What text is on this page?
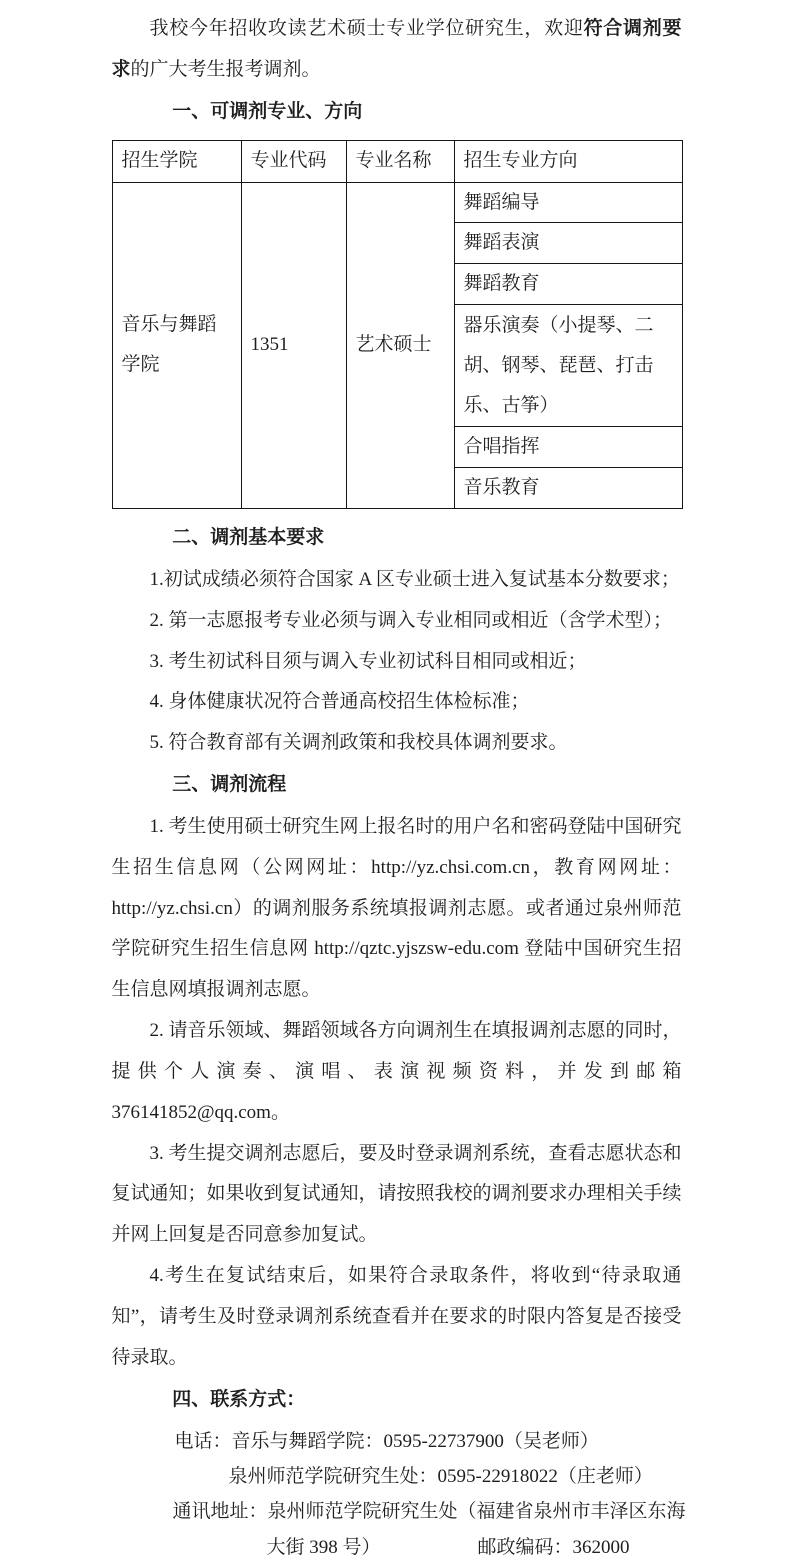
我校今年招收攻读艺术硕士专业学位研究生，欢迎符合调剂要求的广大考生报考调剂。

一、可调剂专业、方向

招生学院	专业代码	专业名称	招生专业方向
音乐与舞蹈学院	1351	艺术硕士	舞蹈编导
			舞蹈表演
			舞蹈教育
			器乐演奏（小提琴、二胡、钢琴、琵琶、打击乐、古筝）
			合唱指挥
			音乐教育

二、调剂基本要求

1.初试成绩必须符合国家 A 区专业硕士进入复试基本分数要求；

2. 第一志愿报考专业必须与调入专业相同或相近（含学术型）；

3. 考生初试科目须与调入专业初试科目相同或相近；

4. 身体健康状况符合普通高校招生体检标准；

5. 符合教育部有关调剂政策和我校具体调剂要求。

三、调剂流程

1. 考生使用硕士研究生网上报名时的用户名和密码登陆中国研究生招生信息网（公网网址：http://yz.chsi.com.cn，教育网网址：http://yz.chsi.cn）的调剂服务系统填报调剂志愿。或者通过泉州师范学院研究生招生信息网 http://qztc.yjszsw-edu.com 登陆中国研究生招生信息网填报调剂志愿。

2. 请音乐领域、舞蹈领域各方向调剂生在填报调剂志愿的同时，提供个人演奏、演唱、表演视频资料，并发到邮箱 376141852@qq.com。

3. 考生提交调剂志愿后，要及时登录调剂系统，查看志愿状态和复试通知；如果收到复试通知，请按照我校的调剂要求办理相关手续并网上回复是否同意参加复试。

4.考生在复试结束后，如果符合录取条件，将收到“待录取通知”，请考生及时登录调剂系统查看并在要求的时限内答复是否接受待录取。

四、联系方式：

电话：音乐与舞蹈学院：0595-22737900（吴老师）

泉州师范学院研究生处：0595-22918022（庄老师）

通讯地址：泉州师范学院研究生处（福建省泉州市丰泽区东海

大街 398 号）	邮政编码：362000
